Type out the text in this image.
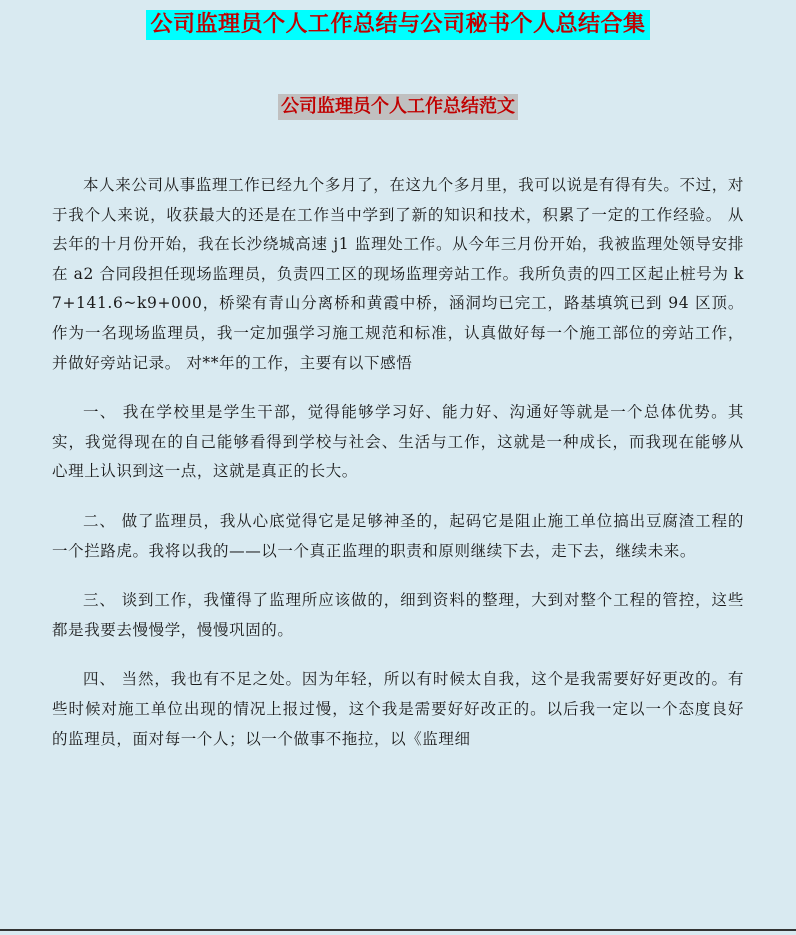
公司监理员个人工作总结与公司秘书个人总结合集
公司监理员个人工作总结范文

本人来公司从事监理工作已经九个多月了，在这九个多月里，我可以说是有得有失。不过，对于我个人来说，收获最大的还是在工作当中学到了新的知识和技术，积累了一定的工作经验。 从去年的十月份开始，我在长沙绕城高速 j1 监理处工作。从今年三月份开始，我被监理处领导安排在 a2 合同段担任现场监理员，负责四工区的现场监理旁站工作。我所负责的四工区起止桩号为 k7+141.6~k9+000，桥梁有青山分离桥和黄霞中桥，涵洞均已完工，路基填筑已到 94 区顶。作为一名现场监理员，我一定加强学习施工规范和标准，认真做好每一个施工部位的旁站工作，并做好旁站记录。 对**年的工作，主要有以下感悟

一、 我在学校里是学生干部，觉得能够学习好、能力好、沟通好等就是一个总体优势。其实，我觉得现在的自己能够看得到学校与社会、生活与工作，这就是一种成长，而我现在能够从心理上认识到这一点，这就是真正的长大。

二、 做了监理员，我从心底觉得它是足够神圣的，起码它是阻止施工单位搞出豆腐渣工程的一个拦路虎。我将以我的——以一个真正监理的职责和原则继续下去，走下去，继续未来。

三、 谈到工作，我懂得了监理所应该做的，细到资料的整理，大到对整个工程的管控，这些都是我要去慢慢学，慢慢巩固的。

四、 当然，我也有不足之处。因为年轻，所以有时候太自我，这个是我需要好好更改的。有些时候对施工单位出现的情况上报过慢，这个我是需要好好改正的。以后我一定以一个态度良好的监理员，面对每一个人；以一个做事不拖拉，以《监理细
